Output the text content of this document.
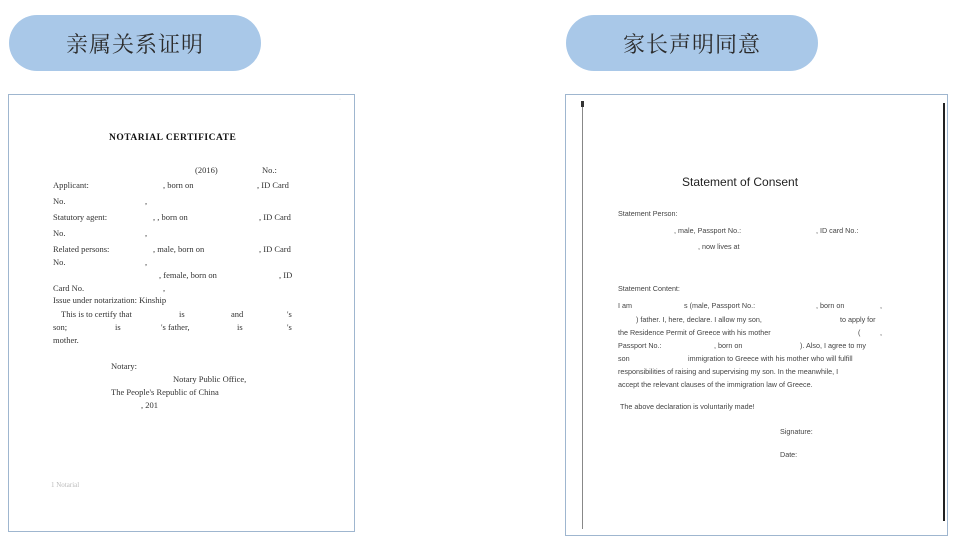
亲属关系证明	家长声明同意
·
NOTARIAL CERTIFICATE
(2016)	No.:
Applicant:	, born on	, ID Card
No.	,
Statutory agent:	, , born on	, ID Card
No.	,
Related persons:	, male, born on	, ID Card
No.	,
, female, born on	, ID
Card No.	,
Issue under notarization: Kinship
This is to certify that	is	and	's
son;	is	's father,	is	's
mother.
Notary:
Notary Public Office,
The People's Republic of China
, 201
1 Notarial
Statement of Consent
Statement Person:
, male, Passport No.:	, ID card No.:
, now lives at
Statement Content:
I am	s (male, Passport No.:	, born on	,
) father. I, here, declare. I allow my son,	to apply for
the Residence Permit of Greece with his mother	(	,
Passport No.:	, born on	). Also, I agree to my
son	immigration to Greece with his mother who will fulfill
responsibilities of raising and supervising my son. In the meanwhile, I
accept the relevant clauses of the immigration law of Greece.
The above declaration is voluntarily made!
Signature:
Date:
